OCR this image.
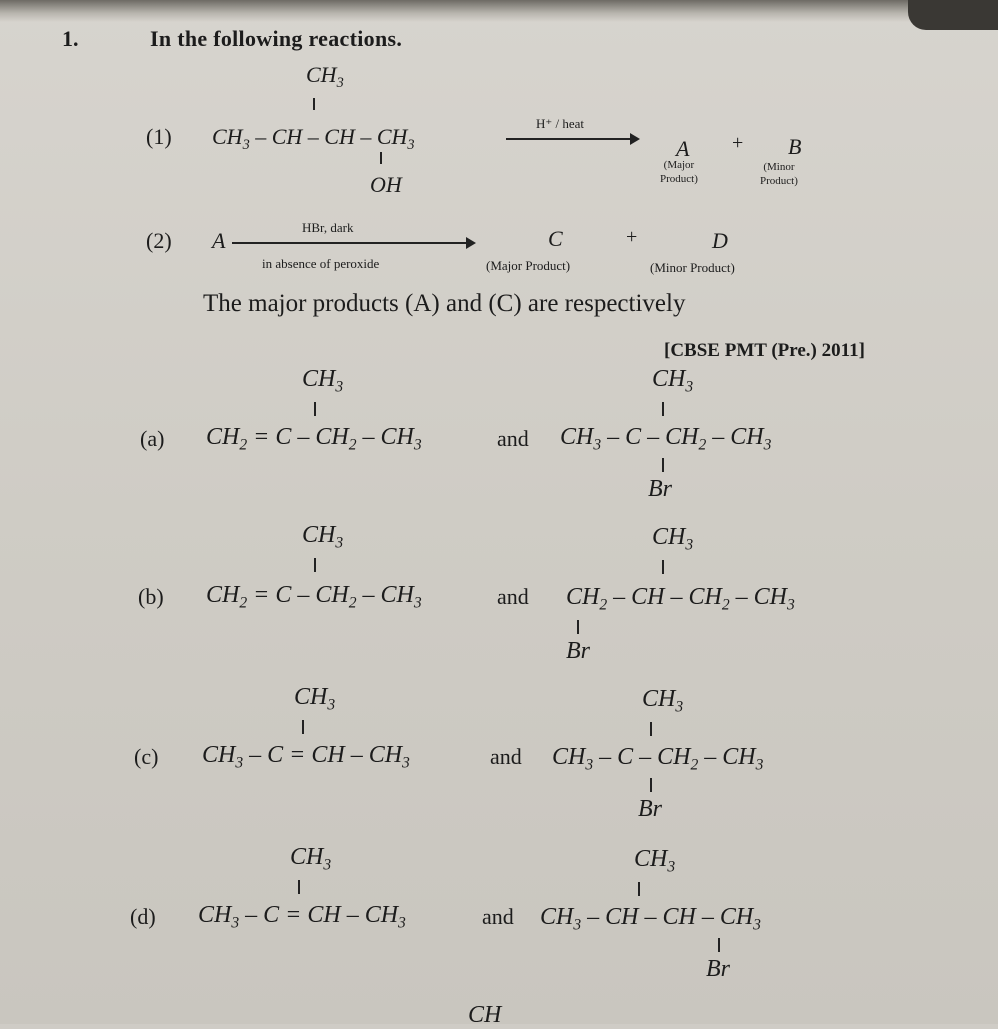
1.	In the following reactions.
(1)
$CH_3$
$CH_3$ – CH – CH – $CH_3$
OH
H⁺ / heat
A + B
(Major
Product)
(Minor
Product)
(2) A
HBr, dark
in absence of peroxide
C	+	D
(Major Product)	(Minor Product)
The major products (A) and (C) are respectively
[CBSE PMT (Pre.) 2011]
(a)
$CH_3$
$CH_2 = C - CH_2 - CH_3$	and
$CH_3$
$CH_3$ – C – $CH_2 - CH_3$
Br
(b)
$CH_3$
$CH_2 = C - CH_2 - CH_3$	and
$CH_3$
$CH_2$ – CH – $CH_2 - CH_3$
Br
(c)
$CH_3$
$CH_3$ – C = CH – $CH_3$	and
$CH_3$
$CH_3$ – C – $CH_2 - CH_3$
Br
(d)
$CH_3$
$CH_3$ – C = CH – $CH_3$	and
$CH_3$
$CH_3$ – CH – CH – $CH_3$
Br
CH
